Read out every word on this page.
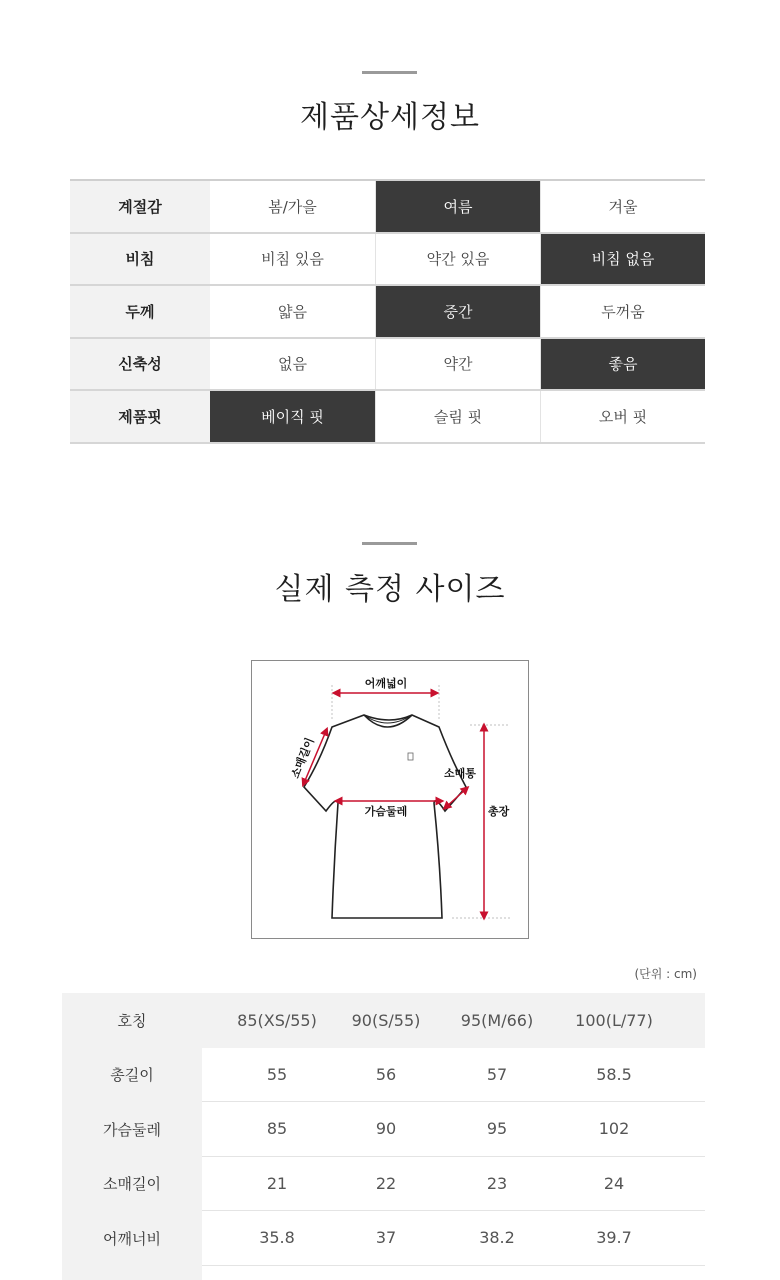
제품상세정보
계절감	봄/가을	여름	겨울
비침	비침 있음	약간 있음	비침 없음
두께	얇음	중간	두꺼움
신축성	없음	약간	좋음
제품핏	베이직 핏	슬림 핏	오버 핏
실제 측정 사이즈
어깨넓이
소매길이	소매통
가슴둘레	총장
(단위 : cm)
호칭	85(XS/55)	90(S/55)	95(M/66)	100(L/77)
총길이	55	56	57	58.5
가슴둘레	85	90	95	102
소매길이	21	22	23	24
어깨너비	35.8	37	38.2	39.7
